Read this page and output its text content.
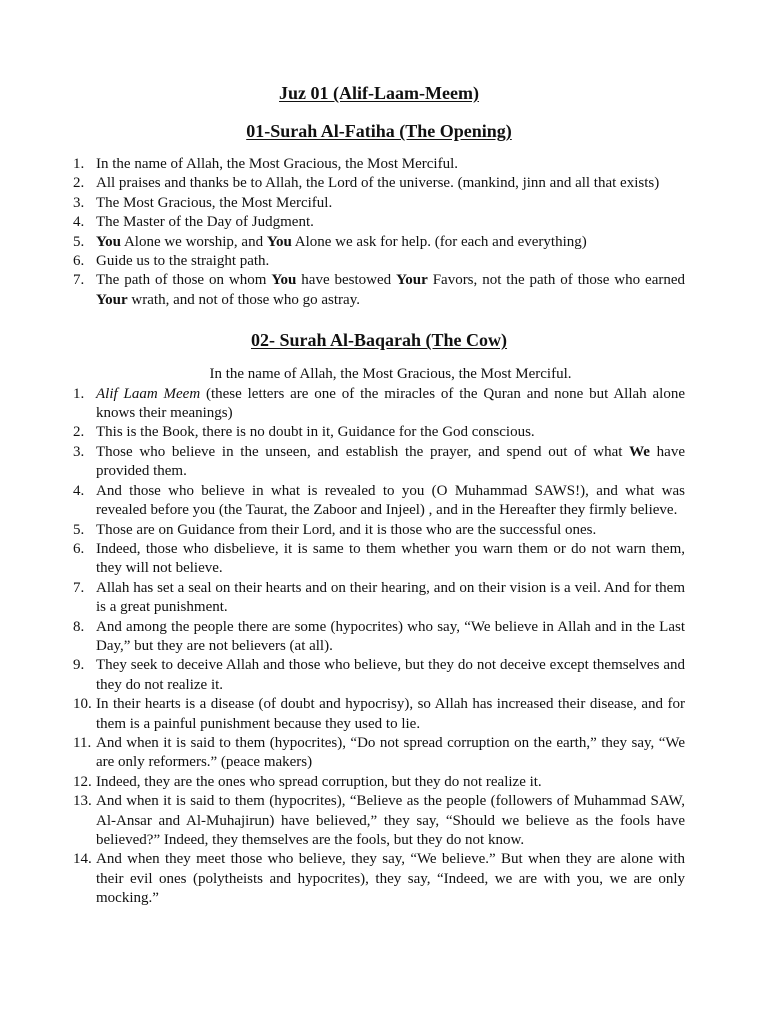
Juz 01 (Alif-Laam-Meem)
01-Surah Al-Fatiha (The Opening)
1. In the name of Allah, the Most Gracious, the Most Merciful.
2. All praises and thanks be to Allah, the Lord of the universe. (mankind, jinn and all that exists)
3. The Most Gracious, the Most Merciful.
4. The Master of the Day of Judgment.
5. You Alone we worship, and You Alone we ask for help. (for each and everything)
6. Guide us to the straight path.
7. The path of those on whom You have bestowed Your Favors, not the path of those who earned Your wrath, and not of those who go astray.
02- Surah Al-Baqarah (The Cow)

In the name of Allah, the Most Gracious, the Most Merciful.

1. Alif Laam Meem (these letters are one of the miracles of the Quran and none but Allah alone knows their meanings)
2. This is the Book, there is no doubt in it, Guidance for the God conscious.
3. Those who believe in the unseen, and establish the prayer, and spend out of what We have provided them.
4. And those who believe in what is revealed to you (O Muhammad SAWS!), and what was revealed before you (the Taurat, the Zaboor and Injeel) , and in the Hereafter they firmly believe.
5. Those are on Guidance from their Lord, and it is those who are the successful ones.
6. Indeed, those who disbelieve, it is same to them whether you warn them or do not warn them, they will not believe.
7. Allah has set a seal on their hearts and on their hearing, and on their vision is a veil. And for them is a great punishment.
8. And among the people there are some (hypocrites) who say, “We believe in Allah and in the Last Day,” but they are not believers (at all).
9. They seek to deceive Allah and those who believe, but they do not deceive except themselves and they do not realize it.
10. In their hearts is a disease (of doubt and hypocrisy), so Allah has increased their disease, and for them is a painful punishment because they used to lie.
11. And when it is said to them (hypocrites), “Do not spread corruption on the earth,” they say, “We are only reformers.” (peace makers)
12. Indeed, they are the ones who spread corruption, but they do not realize it.
13. And when it is said to them (hypocrites), “Believe as the people (followers of Muhammad SAW, Al-Ansar and Al-Muhajirun) have believed,” they say, “Should we believe as the fools have believed?” Indeed, they themselves are the fools, but they do not know.
14. And when they meet those who believe, they say, “We believe.” But when they are alone with their evil ones (polytheists and hypocrites), they say, “Indeed, we are with you, we are only mocking.”
